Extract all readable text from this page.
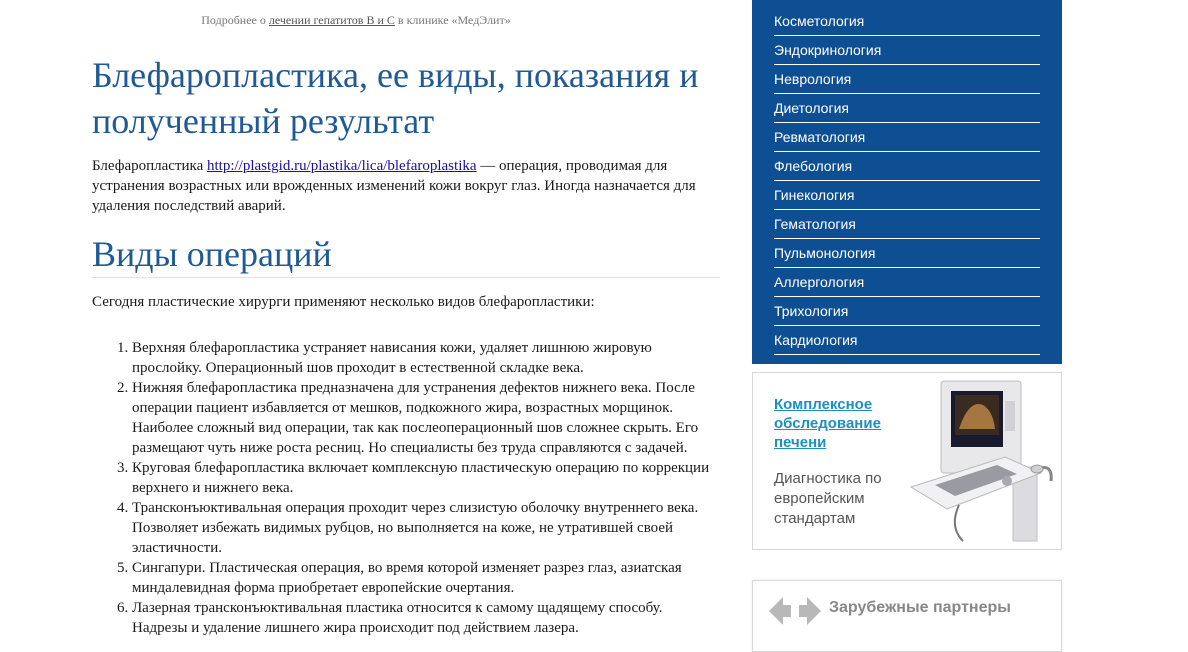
Подробнее о лечении гепатитов В и С в клинике «МедЭлит»
Блефаропластика, ее виды, показания и полученный результат

Блефаропластика http://plastgid.ru/plastika/lica/blefaroplastika — операция, проводимая для устранения возрастных или врожденных изменений кожи вокруг глаз. Иногда назначается для удаления последствий аварий.

Виды операций

Сегодня пластические хирурги применяют несколько видов блефаропластики:

1. Верхняя блефаропластика устраняет нависания кожи, удаляет лишнюю жировую прослойку. Операционный шов проходит в естественной складке века.
2. Нижняя блефаропластика предназначена для устранения дефектов нижнего века. После операции пациент избавляется от мешков, подкожного жира, возрастных морщинок. Наиболее сложный вид операции, так как послеоперационный шов сложнее скрыть. Его размещают чуть ниже роста ресниц. Но специалисты без труда справляются с задачей.
3. Круговая блефаропластика включает комплексную пластическую операцию по коррекции верхнего и нижнего века.
4. Трансконъюктивальная операция проходит через слизистую оболочку внутреннего века. Позволяет избежать видимых рубцов, но выполняется на коже, не утратившей своей эластичности.
5. Сингапури. Пластическая операция, во время которой изменяет разрез глаз, азиатская миндалевидная форма приобретает европейские очертания.
6. Лазерная трансконъюктивальная пластика относится к самому щадящему способу. Надрезы и удаление лишнего жира происходит под действием лазера.
Косметология
Эндокринология
Неврология
Диетология
Ревматология
Флебология
Гинекология
Гематология
Пульмонология
Аллергология
Трихология
Кардиология
Комплексное обследование печени
Диагностика по европейским стандартам
Зарубежные партнеры
